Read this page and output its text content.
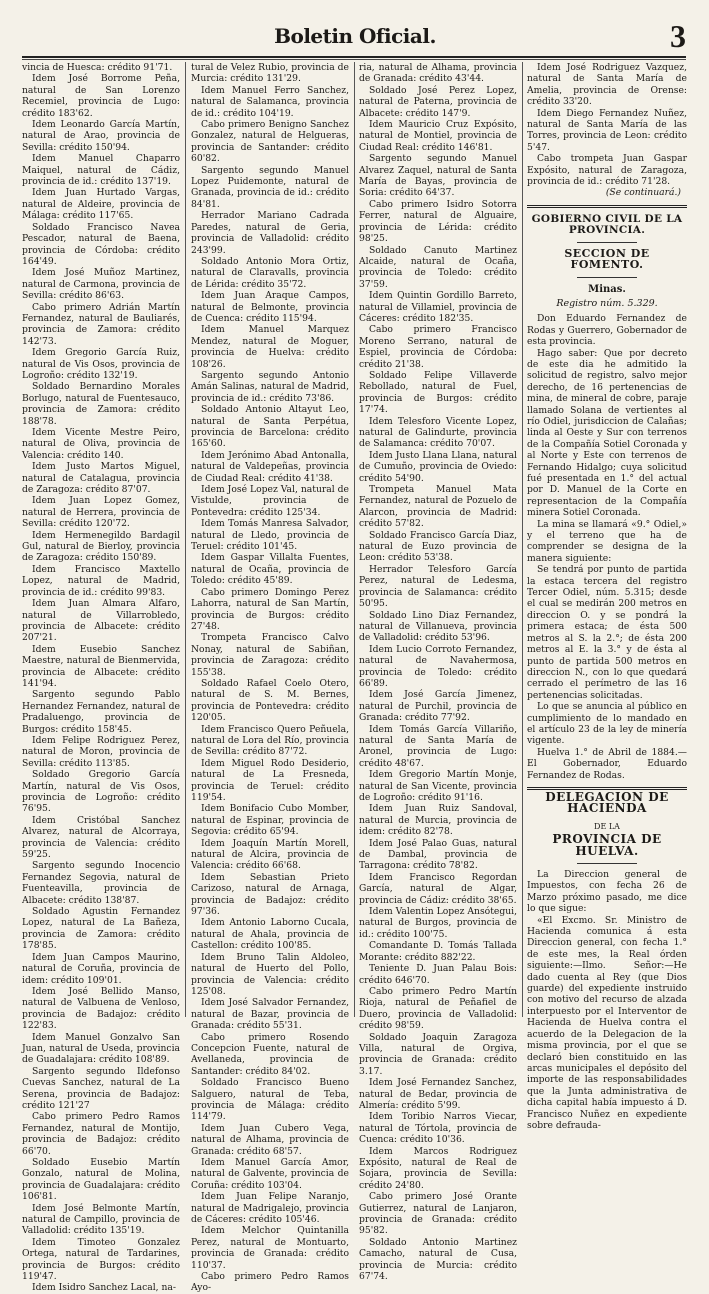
Boletin Oficial.	3

vincia de Huesca: crédito 91'71.

Idem José Borrome Peña, natural de San Lorenzo Recemiel, provincia de Lugo: crédito 183'62.

Idem Leonardo García Martín, natural de Arao, provincia de Sevilla: crédito 150'94.

Idem Manuel Chaparro Maiquel, natural de Cádiz, provincia de id.: crédito 137'19.

Idem Juan Hurtado Vargas, natural de Aldeire, provincia de Málaga: crédito 117'65.

Soldado Francisco Navea Pescador, natural de Baena, provincia de Córdoba: crédito 164'49.

Idem José Muñoz Martinez, natural de Carmona, provincia de Sevilla: crédito 86'63.

Cabo primero Adrián Martín Fernandez, natural de Bauliarés, provincia de Zamora: crédito 142'73.

Idem Gregorio García Ruiz, natural de Vis Osos, provincia de Logroño: crédito 132'19.

Soldado Bernardino Morales Borlugo, natural de Fuentesauco, provincia de Zamora: crédito 188'78.

Idem Vicente Mestre Peiro, natural de Oliva, provincia de Valencia: crédito 140.

Idem Justo Martos Miguel, natural de Catalagua, provincia de Zaragoza: crédito 87'07.

Idem Juan Lopez Gomez, natural de Herrera, provincia de Sevilla: crédito 120'72.

Idem Hermenegildo Bardagil Gul, natural de Bierloy, provincia de Zaragoza: crédito 150'89.

Idem Francisco Maxtello Lopez, natural de Madrid, provincia de id.: crédito 99'83.

Idem Juan Almara Alfaro, natural de Villarrobledo, provincia de Albacete: crédito 207'21.

Idem Eusebio Sanchez Maestre, natural de Bienmervida, provincia de Albacete: crédito 141'94.

Sargento segundo Pablo Hernandez Fernandez, natural de Pradaluengo, provincia de Burgos: crédito 158'45.

Idem Felipe Rodriguez Perez, natural de Moron, provincia de Sevilla: crédito 113'85.

Soldado Gregorio García Martín, natural de Vis Osos, provincia de Logroño: crédito 76'95.

Idem Cristóbal Sanchez Alvarez, natural de Alcorraya, provincia de Valencia: crédito 59'25.

Sargento segundo Inocencio Fernandez Segovia, natural de Fuenteavilla, provincia de Albacete: crédito 138'87.

Soldado Agustin Fernandez Lopez, natural de La Bañeza, provincia de Zamora: crédito 178'85.

Idem Juan Campos Maurino, natural de Coruña, provincia de idem: crédito 109'01.

Idem José Bellido Manso, natural de Valbuena de Venloso, provincia de Badajoz: crédito 122'83.

Idem Manuel Gonzalvo San Juan, natural de Useda, provincia de Guadalajara: crédito 108'89.

Sargento segundo Ildefonso Cuevas Sanchez, natural de La Serena, provincia de Badajoz: crédito 121'27

Cabo primero Pedro Ramos Fernandez, natural de Montijo, provincia de Badajoz: crédito 66'70.

Soldado Eusebio Martín Gonzalo, natural de Molina, provincia de Guadalajara: crédito 106'81.

Idem José Belmonte Martín, natural de Campillo, provincia de Valladolid: crédito 135'19.

Idem Timoteo Gonzalez Ortega, natural de Tardarines, provincia de Burgos: crédito 119'47.

Idem Isidro Sanchez Lacal, na-

tural de Velez Rubio, provincia de Murcia: crédito 131'29.

Idem Manuel Ferro Sanchez, natural de Salamanca, provincia de id.: crédito 104'19.

Cabo primero Benigno Sanchez Gonzalez, natural de Helgueras, provincia de Santander: crédito 60'82.

Sargento segundo Manuel Lopez Puidemonte, natural de Granada, provincia de id.: crédito 84'81.

Herrador Mariano Cadrada Paredes, natural de Geria, provincia de Valladolid: crédito 243'99.

Soldado Antonio Mora Ortiz, natural de Claravalls, provincia de Lérida: crédito 35'72.

Idem Juan Araque Campos, natural de Belmonte, provincia de Cuenca: crédito 115'94.

Idem Manuel Marquez Mendez, natural de Moguer, provincia de Huelva: crédito 108'26.

Sargento segundo Antonio Amán Salinas, natural de Madrid, provincia de id.: crédito 73'86.

Soldado Antonio Altayut Leo, natural de Santa Perpétua, provincia de Barcelona: crédito 165'60.

Idem Jerónimo Abad Antonalla, natural de Valdepeñas, provincia de Ciudad Real: crédito 41'38.

Idem José Lopez Val, natural de Vistulde, provincia de Pontevedra: crédito 125'34.

Idem Tomás Manresa Salvador, natural de Lledo, provincia de Teruel: crédito 101'45.

Idem Gaspar Villalta Fuentes, natural de Ocaña, provincia de Toledo: crédito 45'89.

Cabo primero Domingo Perez Lahorra, natural de San Martín, provincia de Burgos: crédito 27'48.

Trompeta Francisco Calvo Nonay, natural de Sabiñan, provincia de Zaragoza: crédito 155'38.

Soldado Rafael Coelo Otero, natural de S. M. Bernes, provincia de Pontevedra: crédito 120'05.

Idem Francisco Quero Peñuela, natural de Lora del Río, provincia de Sevilla: crédito 87'72.

Idem Miguel Rodo Desiderio, natural de La Fresneda, provincia de Teruel: crédito 119'54.

Idem Bonifacio Cubo Momber, natural de Espinar, provincia de Segovia: crédito 65'94.

Idem Joaquín Martín Morell, natural de Alcira, provincia de Valencia: crédito 66'68.

Idem Sebastian Prieto Carizoso, natural de Arnaga, provincia de Badajoz: crédito 97'36.

Idem Antonio Laborno Cucala, natural de Ahala, provincia de Castellon: crédito 100'85.

Idem Bruno Talin Aldoleo, natural de Huerto del Pollo, provincia de Valencia: crédito 125'08.

Idem José Salvador Fernandez, natural de Bazar, provincia de Granada: crédito 55'31.

Cabo primero Rosendo Concepcion Fuente, natural de Avellaneda, provincia de Santander: crédito 84'02.

Soldado Francisco Bueno Salguero, natural de Teba, provincia de Málaga: crédito 114'79.

Idem Juan Cubero Vega, natural de Alhama, provincia de Granada: crédito 68'57.

Idem Manuel García Amor, natural de Galvente, provincia de Coruña: crédito 103'04.

Idem Juan Felipe Naranjo, natural de Madrigalejo, provincia de Cáceres: crédito 105'46.

Idem Melchor Quintanilla Perez, natural de Montuarto, provincia de Granada: crédito 110'37.

Cabo primero Pedro Ramos Ayo-

ria, natural de Alhama, provincia de Granada: crédito 43'44.

Soldado José Perez Lopez, natural de Paterna, provincia de Albacete: crédito 147'9.

Idem Mauricio Cruz Expósito, natural de Montiel, provincia de Ciudad Real: crédito 146'81.

Sargento segundo Manuel Alvarez Zaquel, natural de Santa María de Bayas, provincia de Soria: crédito 64'37.

Cabo primero Isidro Sotorra Ferrer, natural de Alguaire, provincia de Lérida: crédito 98'25.

Soldado Canuto Martinez Alcaide, natural de Ocaña, provincia de Toledo: crédito 37'59.

Idem Quintin Gordillo Barreto, natural de Villamiel, provincia de Cáceres: crédito 182'35.

Cabo primero Francisco Moreno Serrano, natural de Espiel, provincia de Córdoba: crédito 21'38.

Soldado Felipe Villaverde Rebollado, natural de Fuel, provincia de Burgos: crédito 17'74.

Idem Telesforo Vicente Lopez, natural de Galindurte, provincia de Salamanca: crédito 70'07.

Idem Justo Llana Llana, natural de Cumuño, provincia de Oviedo: crédito 54'90.

Trompeta Manuel Mata Fernandez, natural de Pozuelo de Alarcon, provincia de Madrid: crédito 57'82.

Soldado Francisco García Diaz, natural de Euzo provincia de Leon: crédito 53'38.

Herrador Telesforo García Perez, natural de Ledesma, provincia de Salamanca: crédito 50'95.

Soldado Lino Diaz Fernandez, natural de Villanueva, provincia de Valladolid: crédito 53'96.

Idem Lucio Corroto Fernandez, natural de Navahermosa, provincia de Toledo: crédito 66'89.

Idem José García Jimenez, natural de Purchil, provincia de Granada: crédito 77'92.

Idem Tomás García Villariño, natural de Santa María de Aronel, provincia de Lugo: crédito 48'67.

Idem Gregorio Martín Monje, natural de San Vicente, provincia de Logroño: crédito 91'16.

Idem Juan Ruiz Sandoval, natural de Murcia, provincia de idem: crédito 82'78.

Idem José Palao Guas, natural de Dambal, provincia de Tarragona: crédito 78'82.

Idem Francisco Regordan García, natural de Algar, provincia de Cádiz: crédito 38'65.

Idem Valentin Lopez Ansótegui, natural de Burgos, provincia de id.: crédito 100'75.

Comandante D. Tomás Tallada Morante: crédito 882'22.

Teniente D. Juan Palau Bois: crédito 646'70.

Cabo primero Pedro Martín Rioja, natural de Peñafiel de Duero, provincia de Valladolid: crédito 98'59.

Soldado Joaquin Zaragoza Villa, natural de Orgiva, provincia de Granada: crédito 3.17.

Idem José Fernandez Sanchez, natural de Bedar, provincia de Almería: crédito 5'99.

Idem Toribio Narros Viecar, natural de Tórtola, provincia de Cuenca: crédito 10'36.

Idem Marcos Rodriguez Expósito, natural de Real de Sojara, provincia de Sevilla: crédito 24'80.

Cabo primero José Orante Gutierrez, natural de Lanjaron, provincia de Granada: crédito 95'82.

Soldado Antonio Martinez Camacho, natural de Cusa, provincia de Murcia: crédito 67'74.

Idem José Rodriguez Vazquez, natural de Santa María de Amelia, provincia de Orense: crédito 33'20.

Idem Diego Fernandez Nuñez, natural de Santa María de las Torres, provincia de Leon: crédito 5'47.

Cabo trompeta Juan Gaspar Expósito, natural de Zaragoza, provincia de id.: crédito 71'28.

(Se continuará.)

GOBIERNO CIVIL DE LA PROVINCIA.
SECCION DE FOMENTO.
Minas.
Registro núm. 5.329.

Don Eduardo Fernandez de Rodas y Guerrero, Gobernador de esta provincia.

Hago saber: Que por decreto de este dia he admitido la solicitud de registro, salvo mejor derecho, de 16 pertenencias de mina, de mineral de cobre, paraje llamado Solana de vertientes al río Odiel, jurisdiccion de Calañas; linda al Oeste y Sur con terrenos de la Compañía Sotiel Coronada y al Norte y Este con terrenos de Fernando Hidalgo; cuya solicitud fué presentada en 1.° del actual por D. Manuel de la Corte en representacion de la Compañía minera Sotiel Coronada.

La mina se llamará «9.° Odiel,» y el terreno que ha de comprender se designa de la manera siguiente:

Se tendrá por punto de partida la estaca tercera del registro Tercer Odiel, núm. 5.315; desde el cual se medirán 200 metros en direccion O. y se pondrá la primera estaca; de ésta 500 metros al S. la 2.°; de ésta 200 metros al E. la 3.° y de ésta al punto de partida 500 metros en direccion N., con lo que quedará cerrado el perímetro de las 16 pertenencias solicitadas.

Lo que se anuncia al público en cumplimiento de lo mandado en el artículo 23 de la ley de minería vigente.

Huelva 1.° de Abril de 1884.—El Gobernador, Eduardo Fernandez de Rodas.

DELEGACION DE HACIENDA
DE LA
PROVINCIA DE HUELVA.

La Direccion general de Impuestos, con fecha 26 de Marzo próximo pasado, me dice lo que sigue:

«El Excmo. Sr. Ministro de Hacienda comunica á esta Direccion general, con fecha 1.° de este mes, la Real órden siguiente:—Ilmo. Señor:—He dado cuenta al Rey (que Dios guarde) del expediente instruido con motivo del recurso de alzada interpuesto por el Interventor de Hacienda de Huelva contra el acuerdo de la Delegacion de la misma provincia, por el que se declaró bien constituido en las arcas municipales el depósito del importe de las responsabilidades que la Junta administrativa de dicha capital había impuesto á D. Francisco Nuñez en expediente sobre defrauda-
